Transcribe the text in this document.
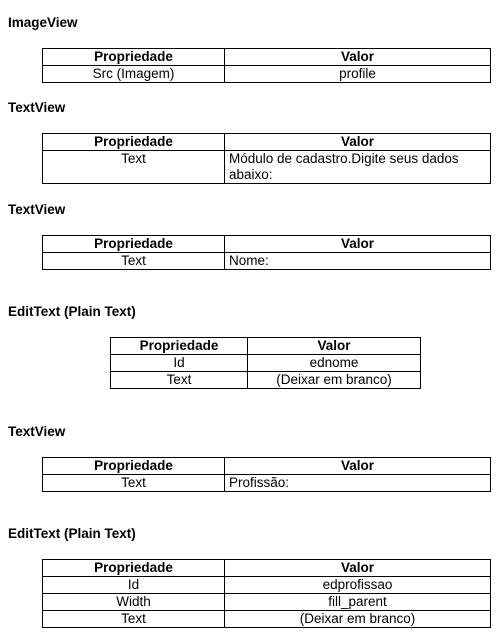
ImageView
Propriedade	Valor
Src (Imagem)	profile
TextView
Propriedade	Valor
Text	Módulo de cadastro.Digite seus dados abaixo:
TextView
Propriedade	Valor
Text	Nome:
EditText (Plain Text)
Propriedade	Valor
Id	ednome
Text	(Deixar em branco)
TextView
Propriedade	Valor
Text	Profissão:
EditText (Plain Text)
Propriedade	Valor
Id	edprofissao
Width	fill_parent
Text	(Deixar em branco)
